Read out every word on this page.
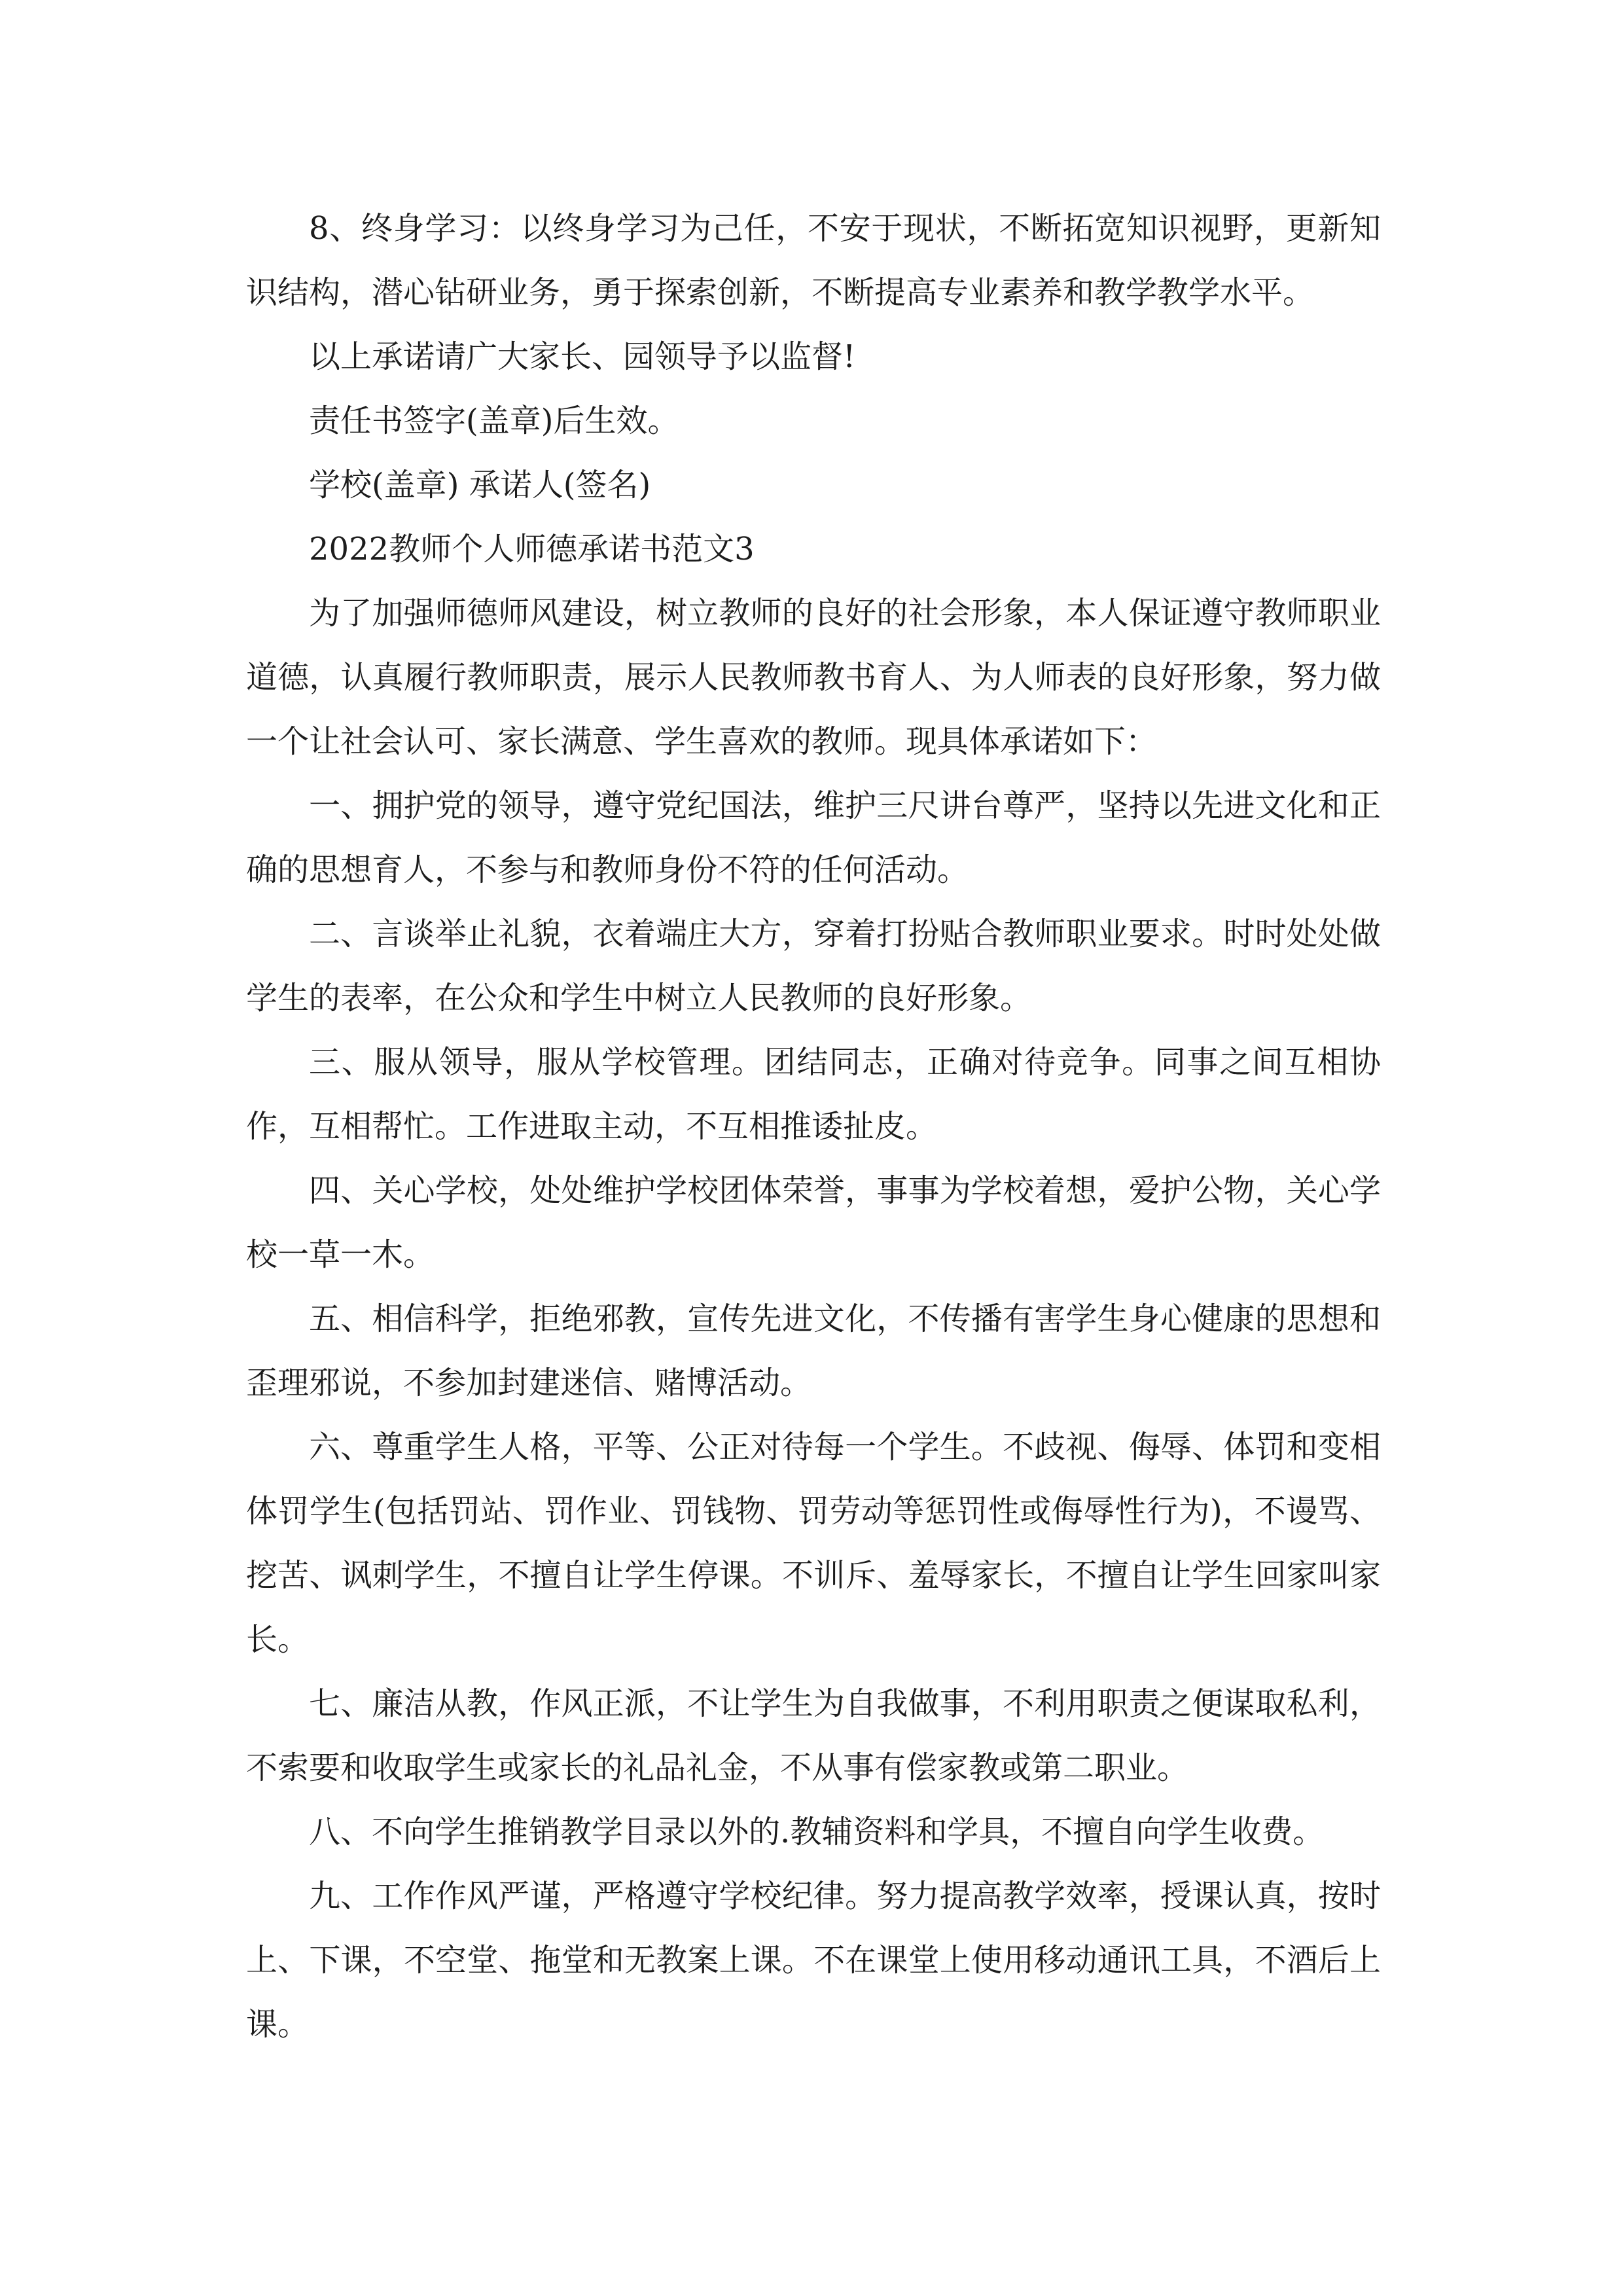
8、终身学习：以终身学习为己任，不安于现状，不断拓宽知识视野，更新知识结构，潜心钻研业务，勇于探索创新，不断提高专业素养和教学教学水平。

以上承诺请广大家长、园领导予以监督!

责任书签字(盖章)后生效。

学校(盖章) 承诺人(签名)

2022教师个人师德承诺书范文3

为了加强师德师风建设，树立教师的良好的社会形象，本人保证遵守教师职业道德，认真履行教师职责，展示人民教师教书育人、为人师表的良好形象，努力做一个让社会认可、家长满意、学生喜欢的教师。现具体承诺如下：

一、拥护党的领导，遵守党纪国法，维护三尺讲台尊严，坚持以先进文化和正确的思想育人，不参与和教师身份不符的任何活动。

二、言谈举止礼貌，衣着端庄大方，穿着打扮贴合教师职业要求。时时处处做学生的表率，在公众和学生中树立人民教师的良好形象。

三、服从领导，服从学校管理。团结同志，正确对待竞争。同事之间互相协作，互相帮忙。工作进取主动，不互相推诿扯皮。

四、关心学校，处处维护学校团体荣誉，事事为学校着想，爱护公物，关心学校一草一木。

五、相信科学，拒绝邪教，宣传先进文化，不传播有害学生身心健康的思想和歪理邪说，不参加封建迷信、赌博活动。

六、尊重学生人格，平等、公正对待每一个学生。不歧视、侮辱、体罚和变相体罚学生(包括罚站、罚作业、罚钱物、罚劳动等惩罚性或侮辱性行为)，不谩骂、挖苦、讽刺学生，不擅自让学生停课。不训斥、羞辱家长，不擅自让学生回家叫家长。

七、廉洁从教，作风正派，不让学生为自我做事，不利用职责之便谋取私利，不索要和收取学生或家长的礼品礼金，不从事有偿家教或第二职业。

八、不向学生推销教学目录以外的.教辅资料和学具，不擅自向学生收费。

九、工作作风严谨，严格遵守学校纪律。努力提高教学效率，授课认真，按时上、下课，不空堂、拖堂和无教案上课。不在课堂上使用移动通讯工具，不酒后上课。
